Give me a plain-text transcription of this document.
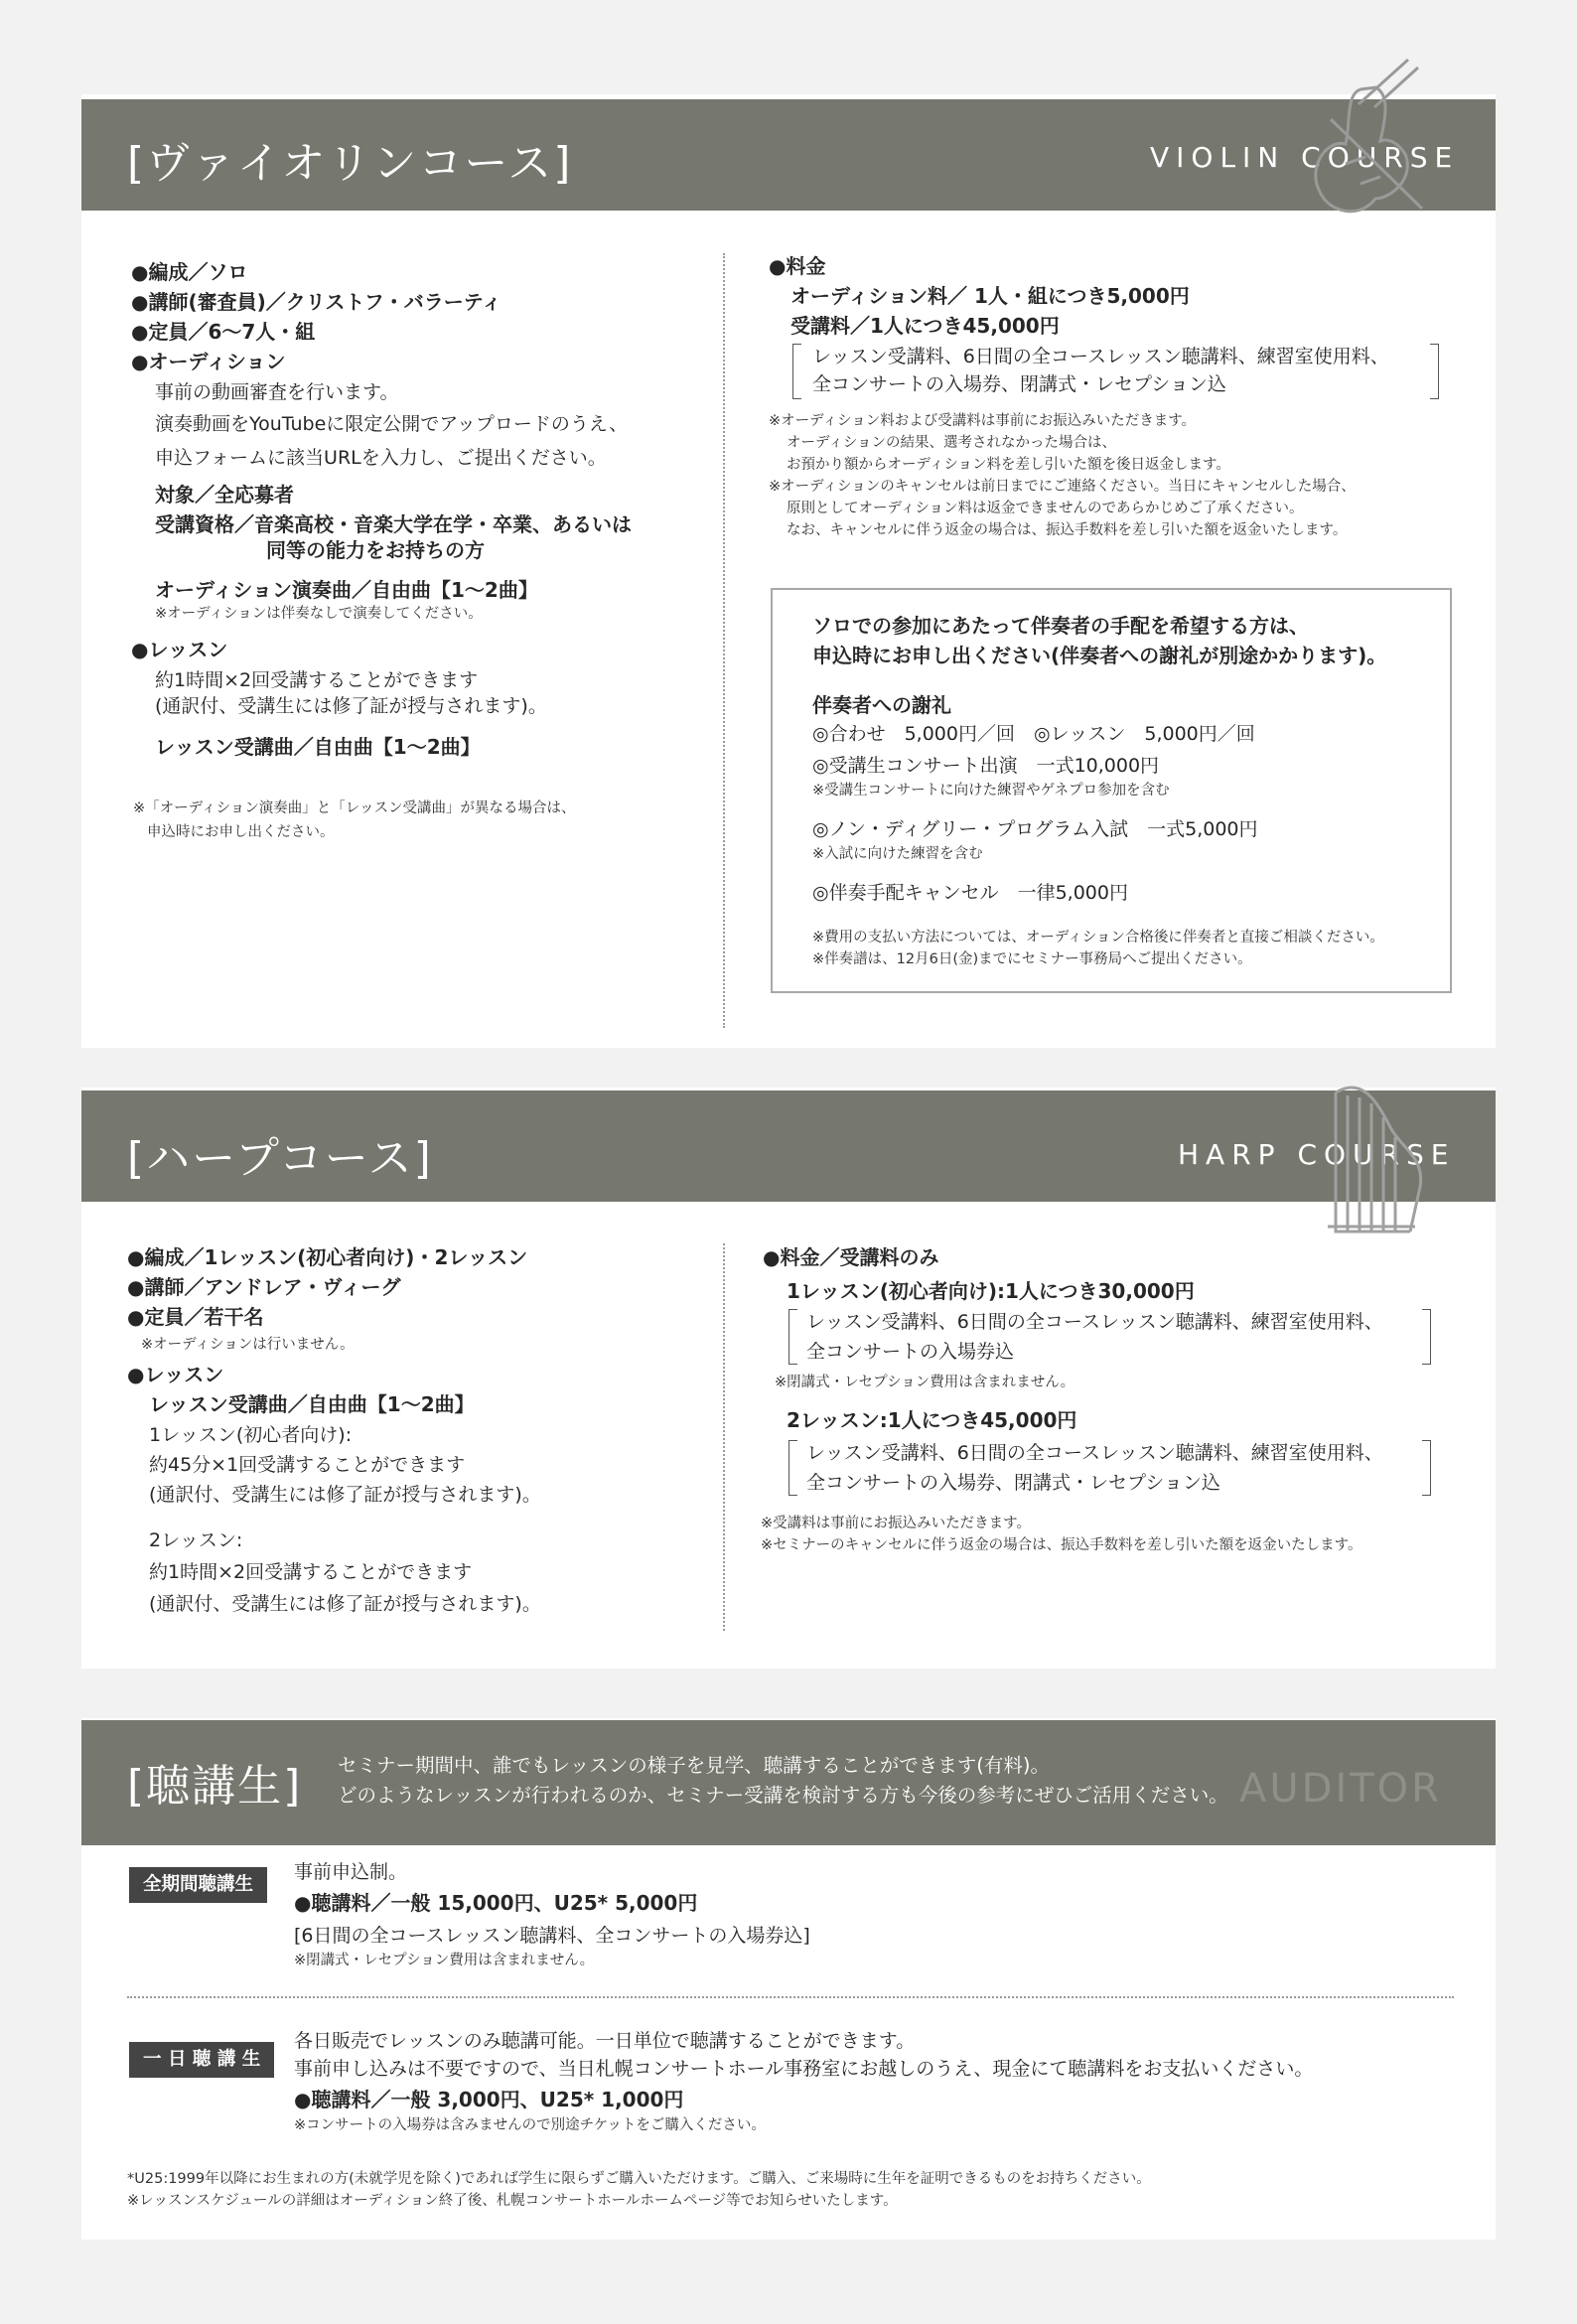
[ヴァイオリンコース]	VIOLIN COURSE
●編成／ソロ
●講師(審査員)／クリストフ・バラーティ
●定員／6〜7人・組
●オーディション
事前の動画審査を行います。
演奏動画をYouTubeに限定公開でアップロードのうえ、
申込フォームに該当URLを入力し、ご提出ください。
対象／全応募者
受講資格／音楽高校・音楽大学在学・卒業、あるいは
同等の能力をお持ちの方
オーディション演奏曲／自由曲【1〜2曲】
※オーディションは伴奏なしで演奏してください。
●レッスン
約1時間×2回受講することができます
(通訳付、受講生には修了証が授与されます)。
レッスン受講曲／自由曲【1〜2曲】
※「オーディション演奏曲」と「レッスン受講曲」が異なる場合は、
申込時にお申し出ください。
●料金
オーディション料／ 1人・組につき5,000円
受講料／1人につき45,000円
レッスン受講料、6日間の全コースレッスン聴講料、練習室使用料、
全コンサートの入場券、閉講式・レセプション込
※オーディション料および受講料は事前にお振込みいただきます。
オーディションの結果、選考されなかった場合は、
お預かり額からオーディション料を差し引いた額を後日返金します。
※オーディションのキャンセルは前日までにご連絡ください。当日にキャンセルした場合、
原則としてオーディション料は返金できませんのであらかじめご了承ください。
なお、キャンセルに伴う返金の場合は、振込手数料を差し引いた額を返金いたします。
ソロでの参加にあたって伴奏者の手配を希望する方は、
申込時にお申し出ください(伴奏者への謝礼が別途かかります)。
伴奏者への謝礼
◎合わせ　5,000円／回　◎レッスン　5,000円／回
◎受講生コンサート出演　一式10,000円
※受講生コンサートに向けた練習やゲネプロ参加を含む
◎ノン・ディグリー・プログラム入試　一式5,000円
※入試に向けた練習を含む
◎伴奏手配キャンセル　一律5,000円
※費用の支払い方法については、オーディション合格後に伴奏者と直接ご相談ください。
※伴奏譜は、12月6日(金)までにセミナー事務局へご提出ください。
[ハープコース]	HARP COURSE
●編成／1レッスン(初心者向け)・2レッスン
●講師／アンドレア・ヴィーグ
●定員／若干名
※オーディションは行いません。
●レッスン
レッスン受講曲／自由曲【1〜2曲】
1レッスン(初心者向け):
約45分×1回受講することができます
(通訳付、受講生には修了証が授与されます)。
2レッスン:
約1時間×2回受講することができます
(通訳付、受講生には修了証が授与されます)。
●料金／受講料のみ
1レッスン(初心者向け):1人につき30,000円
レッスン受講料、6日間の全コースレッスン聴講料、練習室使用料、
全コンサートの入場券込
※閉講式・レセプション費用は含まれません。
2レッスン:1人につき45,000円
レッスン受講料、6日間の全コースレッスン聴講料、練習室使用料、
全コンサートの入場券、閉講式・レセプション込
※受講料は事前にお振込みいただきます。
※セミナーのキャンセルに伴う返金の場合は、振込手数料を差し引いた額を返金いたします。
[聴講生] セミナー期間中、誰でもレッスンの様子を見学、聴講することができます(有料)。
どのようなレッスンが行われるのか、セミナー受講を検討する方も今後の参考にぜひご活用ください。 AUDITOR
全期間聴講生
事前申込制。
●聴講料／一般 15,000円、U25* 5,000円
[6日間の全コースレッスン聴講料、全コンサートの入場券込]
※閉講式・レセプション費用は含まれません。
一 日 聴 講 生
各日販売でレッスンのみ聴講可能。一日単位で聴講することができます。
事前申し込みは不要ですので、当日札幌コンサートホール事務室にお越しのうえ、現金にて聴講料をお支払いください。
●聴講料／一般 3,000円、U25* 1,000円
※コンサートの入場券は含みませんので別途チケットをご購入ください。
*U25:1999年以降にお生まれの方(未就学児を除く)であれば学生に限らずご購入いただけます。ご購入、ご来場時に生年を証明できるものをお持ちください。
※レッスンスケジュールの詳細はオーディション終了後、札幌コンサートホールホームページ等でお知らせいたします。
